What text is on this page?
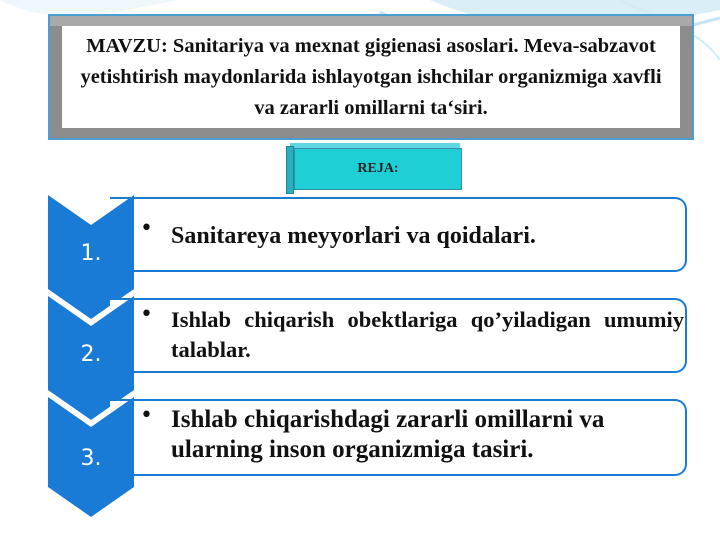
MAVZU: Sanitariya va mexnat gigienasi asoslari. Meva-sabzavot yetishtirish maydonlarida ishlayotgan ishchilar organizmiga xavfli va zararli omillarni ta‘siri.
REJA:
1.
• Sanitareya meyyorlari va qoidalari.
2.
• Ishlab chiqarish obektlariga qo’yiladigan umumiy talablar.
3.
• Ishlab chiqarishdagi zararli omillarni va ularning inson organizmiga tasiri.
